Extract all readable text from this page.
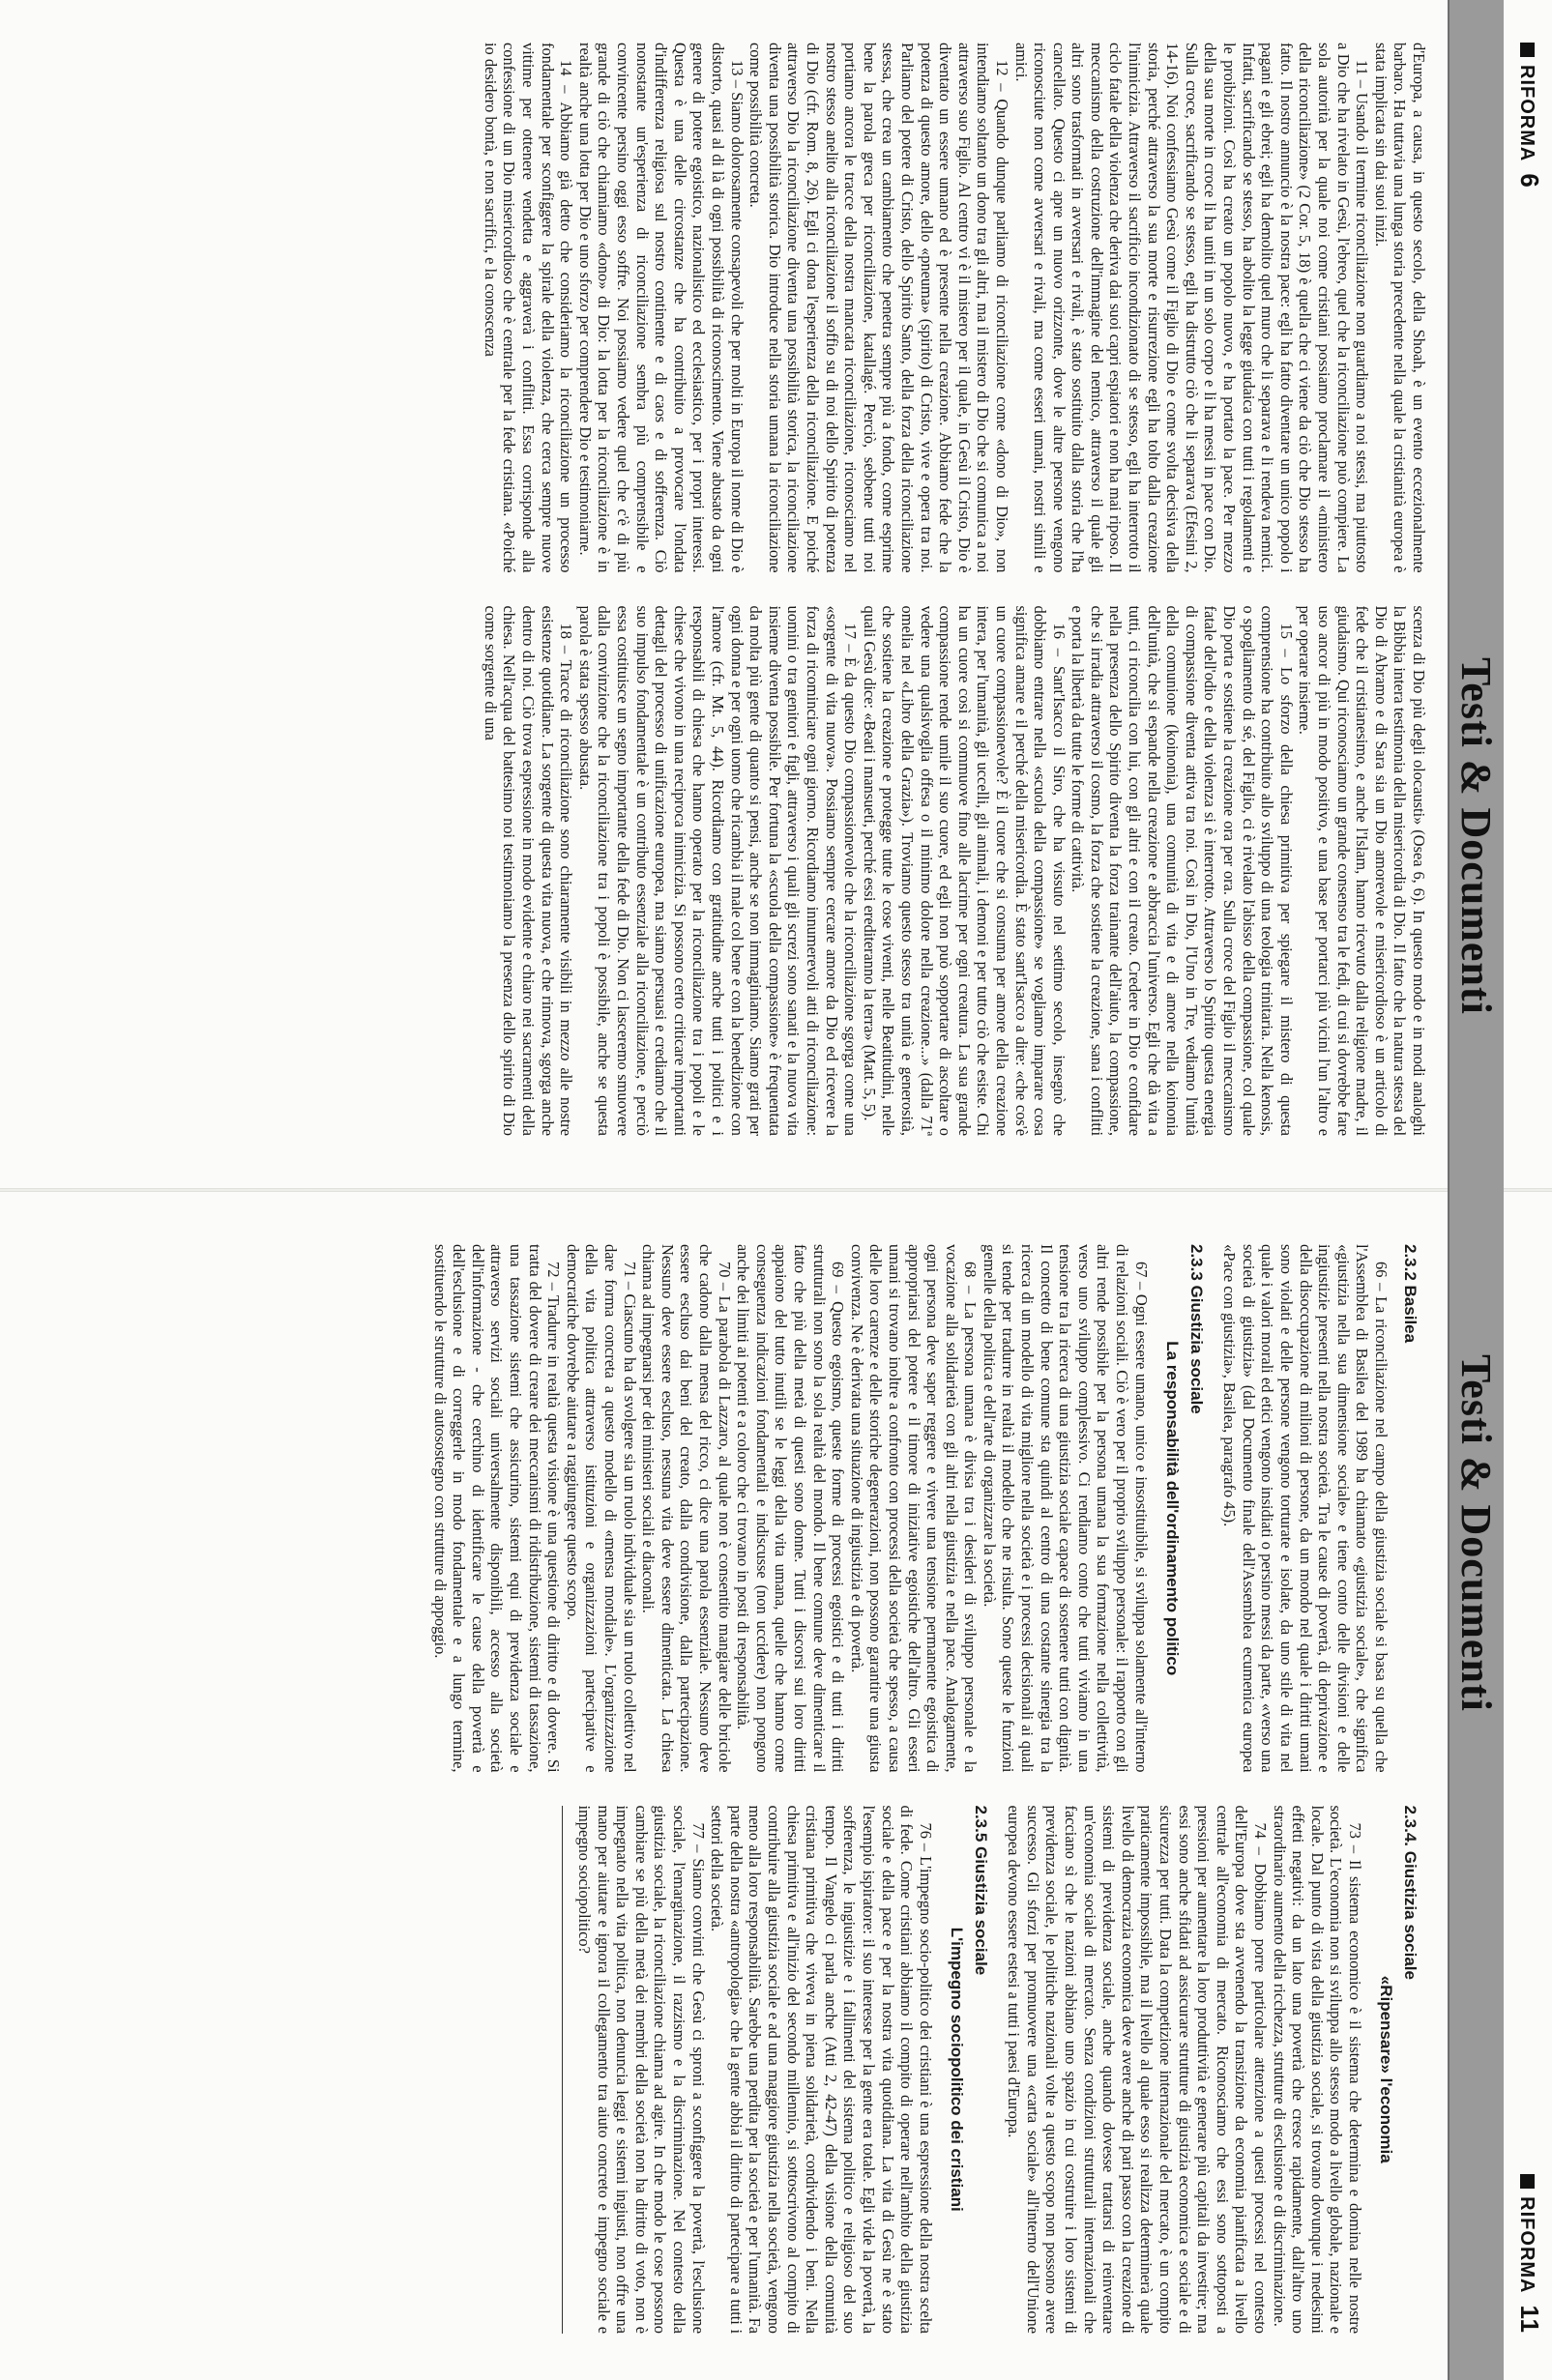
RIFORMA6
Testi & Documenti

d'Europa, a causa, in questo secolo, della Shoah, è un evento eccezionalmente barbaro. Ha tuttavia una lunga storia precedente nella quale la cristianità europea è stata implicata sin dai suoi inizi.

11 – Usando il termine riconciliazione non guardiamo a noi stessi, ma piuttosto a Dio che ha rivelato in Gesù, l'ebreo, quel che la riconciliazione può compiere. La sola autorità per la quale noi come cristiani possiamo proclamare il «ministero della riconciliazione» (2 Cor. 5, 18) è quella che ci viene da ciò che Dio stesso ha fatto. Il nostro annuncio è la nostra pace: egli ha fatto diventare un unico popolo i pagani e gli ebrei; egli ha demolito quel muro che li separava e li rendeva nemici. Infatti, sacrificando se stesso, ha abolito la legge giudaica con tutti i regolamenti e le proibizioni. Così ha creato un popolo nuovo, e ha portato la pace. Per mezzo della sua morte in croce li ha uniti in un solo corpo e li ha messi in pace con Dio. Sulla croce, sacrificando se stesso, egli ha distrutto ciò che li separava (Efesini 2, 14-16). Noi confessiamo Gesù come il Figlio di Dio e come svolta decisiva della storia, perché attraverso la sua morte e risurrezione egli ha tolto dalla creazione l'inimicizia. Attraverso il sacrificio incondizionato di se stesso, egli ha interrotto il ciclo fatale della violenza che deriva dai suoi capri espiatori e non ha mai riposo. Il meccanismo della costruzione dell'immagine del nemico, attraverso il quale gli altri sono trasformati in avversari e rivali, è stato sostituito dalla storia che l'ha cancellato. Questo ci apre un nuovo orizzonte, dove le altre persone vengono riconosciute non come avversari e rivali, ma come esseri umani, nostri simili e amici.

12 – Quando dunque parliamo di riconciliazione come «dono di Dio», non intendiamo soltanto un dono tra gli altri, ma il mistero di Dio che si comunica a noi attraverso suo Figlio. Al centro vi è il mistero per il quale, in Gesù il Cristo, Dio è diventato un essere umano ed è presente nella creazione. Abbiamo fede che la potenza di questo amore, dello «pneuma» (spirito) di Cristo, vive e opera tra noi. Parliamo del potere di Cristo, dello Spirito Santo, della forza della riconciliazione stessa, che crea un cambiamento che penetra sempre più a fondo, come esprime bene la parola greca per riconciliazione, katallagé. Perciò, sebbene tutti noi portiamo ancora le tracce della nostra mancata riconciliazione, riconosciamo nel nostro stesso anelito alla riconciliazione il soffio su di noi dello Spirito di potenza di Dio (cfr. Rom. 8, 26). Egli ci dona l'esperienza della riconciliazione. E poiché attraverso Dio la riconciliazione diventa una possibilità storica, la riconciliazione diventa una possibilità storica. Dio introduce nella storia umana la riconciliazione come possibilità concreta.

13 – Siamo dolorosamente consapevoli che per molti in Europa il nome di Dio è distorto, quasi al di là di ogni possibilità di riconoscimento. Viene abusato da ogni genere di potere egoistico, nazionalistico ed ecclesiastico, per i propri interessi. Questa è una delle circostanze che ha contribuito a provocare l'ondata d'indifferenza religiosa sul nostro continente e di caos e di sofferenza. Ciò nonostante un'esperienza di riconciliazione sembra più comprensibile e convincente persino oggi esso soffre. Noi possiamo vedere quel che c'è di più grande di ciò che chiamiamo «dono» di Dio: la lotta per la riconciliazione è in realtà anche una lotta per Dio e uno sforzo per comprendere Dio e testimoniarne.

14 – Abbiamo già detto che consideriamo la riconciliazione un processo fondamentale per sconfiggere la spirale della violenza, che cerca sempre nuove vittime per ottenere vendetta e aggraverà i conflitti. Essa corrisponde alla confessione di un Dio misericordioso che è centrale per la fede cristiana. «Poiché io desidero bontà, e non sacrifici, e la conoscenza

scenza di Dio più degli olocausti» (Osea 6, 6). In questo modo e in modi analoghi la Bibbia intera testimonia della misericordia di Dio. Il fatto che la natura stessa del Dio di Abramo e di Sara sia un Dio amorevole e misericordioso è un articolo di fede che il cristianesimo, e anche l'Islam, hanno ricevuto dalla religione madre, il giudaismo. Qui riconosciamo un grande consenso tra le fedi, di cui si dovrebbe fare uso ancor di più in modo positivo, e una base per portarci più vicini l'un l'altro e per operare insieme.

15 – Lo sforzo della chiesa primitiva per spiegare il mistero di questa comprensione ha contribuito allo sviluppo di una teologia trinitaria. Nella kenosis, o spogliamento di sé, del Figlio, ci è rivelato l'abisso della compassione, col quale Dio porta e sostiene la creazione ora per ora. Sulla croce del Figlio il meccanismo fatale dell'odio e della violenza si è interrotto. Attraverso lo Spirito questa energia di compassione diventa attiva tra noi. Così in Dio, l'Uno in Tre, vediamo l'unità della comunione (koinonia), una comunità di vita e di amore nella koinonia dell'unità, che si espande nella creazione e abbraccia l'universo. Egli che dà vita a tutti, ci riconcilia con lui, con gli altri e con il creato. Credere in Dio e confidare nella presenza dello Spirito diventa la forza trainante dell'aiuto, la compassione, che si irradia attraverso il cosmo, la forza che sostiene la creazione, sana i conflitti e porta la libertà da tutte le forme di cattività.

16 – Sant'Isacco il Siro, che ha vissuto nel settimo secolo, insegnò che dobbiamo entrare nella «scuola della compassione» se vogliamo imparare cosa significa amare e il perché della misericordia. È stato sant'Isacco a dire: «che cos'è un cuore compassionevole? È il cuore che si consuma per amore della creazione intera, per l'umanità, gli uccelli, gli animali, i demoni e per tutto ciò che esiste. Chi ha un cuore così si commuove fino alle lacrime per ogni creatura. La sua grande compassione rende umile il suo cuore, ed egli non può sopportare di ascoltare o vedere una qualsivoglia offesa o il minimo dolore nella creazione...» (dalla 71ª omelia nel «Libro della Grazia»). Troviamo questo stesso tra unità e generosità, che sostiene la creazione e protegge tutte le cose viventi, nelle Beatitudini, nelle quali Gesù dice: «Beati i mansueti, perché essi erediteranno la terra» (Matt. 5, 5).

17 – È da questo Dio compassionevole che la riconciliazione sgorga come una «sorgente di vita nuova». Possiamo sempre cercare amore da Dio ed ricevere la forza di ricominciare ogni giorno. Ricordiamo innumerevoli atti di riconciliazione: uomini o tra genitori e figli, attraverso i quali gli screzi sono sanati e la nuova vita insieme diventa possibile. Per fortuna la «scuola della compassione» è frequentata da molta più gente di quanto si pensi, anche se non immaginiamo. Siamo grati per ogni donna e per ogni uomo che ricambia il male col bene e con la benedizione con l'amore (cfr. Mt. 5, 44). Ricordiamo con gratitudine anche tutti i politici e i responsabili di chiesa che hanno operato per la riconciliazione tra i popoli e le chiese che vivono in una reciproca inimicizia. Si possono certo criticare importanti dettagli del processo di unificazione europea, ma siamo persuasi e crediamo che il suo impulso fondamentale è un contributo essenziale alla riconciliazione, e perciò essa costituisce un segno importante della fede di Dio. Non ci lasceremo smuovere dalla convinzione che la riconciliazione tra i popoli è possibile, anche se questa parola è stata spesso abusata.

18 – Tracce di riconciliazione sono chiaramente visibili in mezzo alle nostre esistenze quotidiane. La sorgente di questa vita nuova, e che rinnova, sgorga anche dentro di noi. Ciò trova espressione in modo evidente e chiaro nei sacramenti della chiesa. Nell'acqua del battesimo noi testimoniamo la presenza dello spirito di Dio come sorgente di una

RIFORMA11
Testi & Documenti
2.3.2 Basilea

66 – La riconciliazione nel campo della giustizia sociale si basa su quella che l'Assemblea di Basilea del 1989 ha chiamato «giustizia sociale», che significa «giustizia nella sua dimensione sociale» e tiene conto delle divisioni e delle ingiustizie presenti nella nostra società. Tra le cause di povertà, di deprivazione e della disoccupazione di milioni di persone, da un mondo nel quale i diritti umani sono violati e delle persone vengono torturate e isolate, da uno stile di vita nel quale i valori morali ed etici vengono insidiati o persino messi da parte, «verso una società di giustizia» (dal Documento finale dell'Assemblea ecumenica europea «Pace con giustizia», Basilea, paragrafo 45).

2.3.3 Giustizia sociale
La responsabilità dell'ordinamento politico

67 – Ogni essere umano, unico e insostituibile, si sviluppa solamente all'interno di relazioni sociali. Ciò è vero per il proprio sviluppo personale: il rapporto con gli altri rende possibile per la persona umana la sua formazione nella collettività, verso uno sviluppo complessivo. Ci rendiamo conto che tutti viviamo in una tensione tra la ricerca di una giustizia sociale capace di sostenere tutti con dignità. Il concetto di bene comune sta quindi al centro di una costante sinergia tra la ricerca di un modello di vita migliore nella società e i processi decisionali ai quali si tende per tradurre in realtà il modello che ne risulta. Sono queste le funzioni gemelle della politica e dell'arte di organizzare la società.

68 – La persona umana è divisa tra i desideri di sviluppo personale e la vocazione alla solidarietà con gli altri nella giustizia e nella pace. Analogamente, ogni persona deve saper reggere e vivere una tensione permanente egoistica di appropriarsi del potere e il timore di iniziative egoistiche dell'altro. Gli esseri umani si trovano inoltre a confronto con processi della società che spesso, a causa delle loro carenze e delle storiche degenerazioni, non possono garantire una giusta convivenza. Ne è derivata una situazione di ingiustizia e di povertà.

69 – Questo egoismo, queste forme di processi egoistici e di tutti i diritti strutturali non sono la sola realtà del mondo. Il bene comune deve dimenticare il fatto che più della metà di questi sono donne. Tutti i discorsi sui loro diritti appaiono del tutto inutili se le leggi della vita umana, quelle che hanno come conseguenza indicazioni fondamentali e indiscusse (non uccidere) non pongono anche dei limiti ai potenti e a coloro che ci trovano in posti di responsabilità.

70 – La parabola di Lazzaro, al quale non è consentito mangiare delle briciole che cadono dalla mensa del ricco, ci dice una parola essenziale. Nessuno deve essere escluso dai beni del creato, dalla condivisione, dalla partecipazione. Nessuno deve essere escluso, nessuna vita deve essere dimenticata. La chiesa chiama ad impegnarsi per dei ministeri sociali e diaconali.

71 – Ciascuno ha da svolgere sia un ruolo individuale sia un ruolo collettivo nel dare forma concreta a questo modello di «mensa mondiale». L'organizzazione della vita politica attraverso istituzioni e organizzazioni partecipative e democratiche dovrebbe aiutare a raggiungere questo scopo.

72 – Tradurre in realtà questa visione è una questione di diritto e di dovere. Si tratta del dovere di creare dei meccanismi di ridistribuzione, sistemi di tassazione, una tassazione sistemi che assicurino, sistemi equi di previdenza sociale e attraverso servizi sociali universalmente disponibili, accesso alla società dell'informazione - che cerchino di identificare le cause della povertà e dell'esclusione e di correggerle in modo fondamentale e a lungo termine, sostituendo le strutture di autosostegno con strutture di appoggio.

2.3.4. Giustizia sociale
«Ripensare» l'economia

73 – Il sistema economico è il sistema che determina e domina nelle nostre società. L'economia non si sviluppa allo stesso modo a livello globale, nazionale e locale. Dal punto di vista della giustizia sociale, si trovano dovunque i medesimi effetti negativi: da un lato una povertà che cresce rapidamente, dall'altro uno straordinario aumento della ricchezza, strutture di esclusione e di discriminazione.

74 – Dobbiamo porre particolare attenzione a questi processi nel contesto dell'Europa dove sta avvenendo la transizione da economia pianificata a livello centrale all'economia di mercato. Riconosciamo che essi sono sottoposti a pressioni per aumentare la loro produttività e generare più capitali da investire; ma essi sono anche sfidati ad assicurare strutture di giustizia economica e sociale e di sicurezza per tutti. Data la competizione internazionale del mercato, è un compito praticamente impossibile, ma il livello al quale esso si realizza determinerà quale livello di democrazia economica deve avere anche di pari passo con la creazione di sistemi di previdenza sociale, anche quando dovesse trattarsi di reinventare un'economia sociale di mercato. Senza condizioni strutturali internazionali che facciano sì che le nazioni abbiano uno spazio in cui costruire i loro sistemi di previdenza sociale, le politiche nazionali volte a questo scopo non possono avere successo. Gli sforzi per promuovere una «carta sociale» all'interno dell'Unione europea devono essere estesi a tutti i paesi d'Europa.

2.3.5 Giustizia sociale
L'impegno sociopolitico dei cristiani

76 – L'impegno socio-politico dei cristiani è una espressione della nostra scelta di fede. Come cristiani abbiamo il compito di operare nell'ambito della giustizia sociale e della pace e per la nostra vita quotidiana. La vita di Gesù ne è stato l'esempio ispiratore: il suo interesse per la gente era totale. Egli vide la povertà, la sofferenza, le ingiustizie e i fallimenti del sistema politico e religioso del suo tempo. Il Vangelo ci parla anche (Atti 2, 42-47) della visione della comunità cristiana primitiva che viveva in piena solidarietà, condividendo i beni. Nella chiesa primitiva e all'inizio del secondo millennio, si sottoscrivono al compito di contribuire alla giustizia sociale e ad una maggiore giustizia nella società, vengono meno alla loro responsabilità. Sarebbe una perdita per la società e per l'umanità. Fa parte della nostra «antropologia» che la gente abbia il diritto di partecipare a tutti i settori della società.

77 – Siamo convinti che Gesù ci sproni a sconfiggere la povertà, l'esclusione sociale, l'emarginazione, il razzismo e la discriminazione. Nel contesto della giustizia sociale, la riconciliazione chiama ad agire. In che modo le cose possono cambiare se più della metà dei membri della società non ha diritto di voto, non è impegnato nella vita politica, non denuncia leggi e sistemi ingiusti, non offre una mano per aiutare e ignora il collegamento tra aiuto concreto e impegno sociale e impegno sociopolitico?
